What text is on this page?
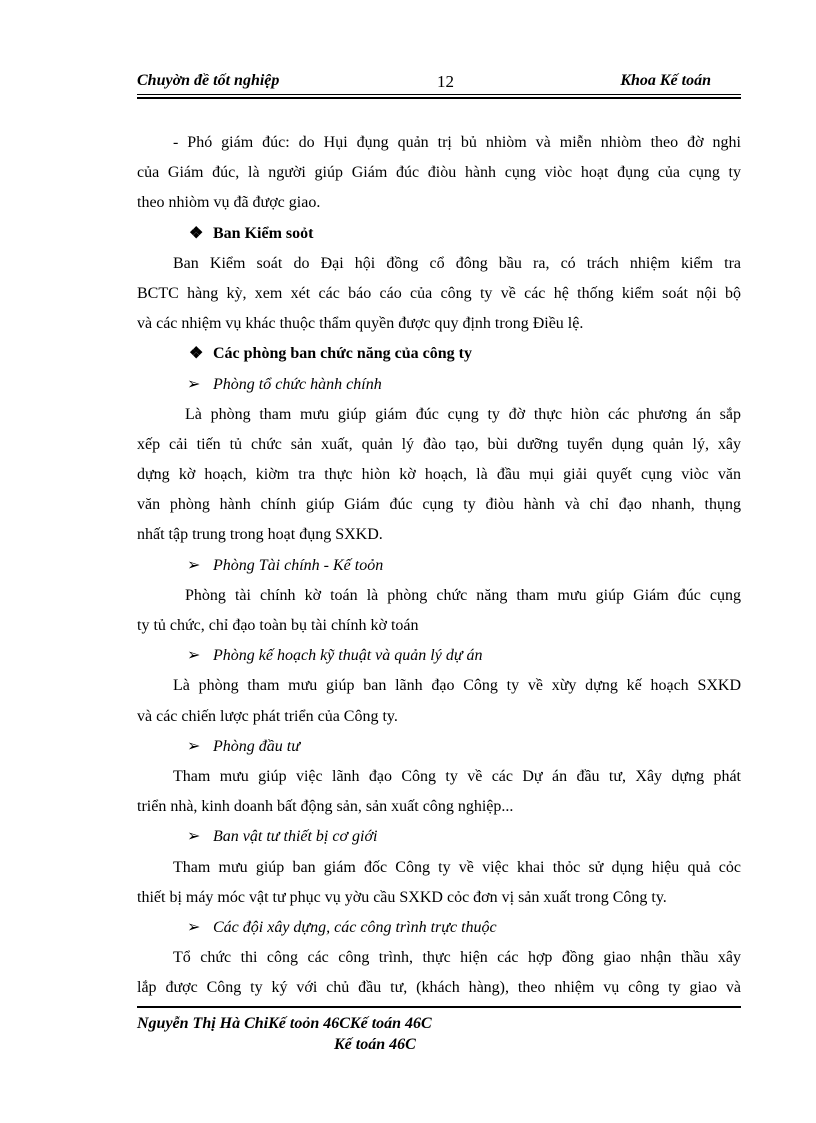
Chuyờn đề tốt nghiệp	12	Khoa Kế toán
- Phó giám đúc: do Hụi đụng quản trị bủ nhiòm và miễn nhiòm theo đờ nghi
của Giám đúc, là người giúp Giám đúc điòu hành cụng viòc hoạt đụng của cụng ty
theo nhiòm vụ đã được giao.
❖ Ban Kiểm soỏt
Ban Kiểm soát do Đại hội đồng cổ đông bầu ra, có trách nhiệm kiểm tra
BCTC hàng kỳ, xem xét các báo cáo của công ty về các hệ thống kiểm soát nội bộ
và các nhiệm vụ khác thuộc thẩm quyền được quy định trong Điều lệ.
❖ Các phòng ban chức năng của công ty
➢ Phòng tổ chức hành chính
Là phòng tham mưu giúp giám đúc cụng ty đờ thực hiòn các phương án sắp
xếp cải tiến tủ chức sản xuất, quản lý đào tạo, bùi dưỡng tuyển dụng quản lý, xây
dựng kờ hoạch, kiờm tra thực hiòn kờ hoạch, là đầu mụi giải quyết cụng viòc văn
văn phòng hành chính giúp Giám đúc cụng ty điòu hành và chỉ đạo nhanh, thụng
nhất tập trung trong hoạt đụng SXKD.
➢ Phòng Tài chính - Kế toỏn
Phòng tài chính kờ toán là phòng chức năng tham mưu giúp Giám đúc cụng
ty tủ chức, chỉ đạo toàn bụ tài chính kờ toán
➢ Phòng kế hoạch kỹ thuật và quản lý dự án
Là phòng tham mưu giúp ban lãnh đạo Công ty về xừy dựng kế hoạch SXKD
và các chiến lược phát triển của Công ty.
➢ Phòng đầu tư
Tham mưu giúp việc lãnh đạo Công ty về các Dự án đầu tư, Xây dựng phát
triển nhà, kinh doanh bất động sản, sản xuất công nghiệp...
➢ Ban vật tư thiết bị cơ giới
Tham mưu giúp ban giám đốc Công ty về việc khai thỏc sử dụng hiệu quả cỏc
thiết bị máy móc vật tư phục vụ yờu cầu SXKD cỏc đơn vị sản xuất trong Công ty.
➢ Các đội xây dựng, các công trình trực thuộc
Tổ chức thi công các công trình, thực hiện các hợp đồng giao nhận thầu xây
lắp được Công ty ký với chủ đầu tư, (khách hàng), theo nhiệm vụ công ty giao và
Nguyễn Thị Hà ChiKế toỏn 46CKế toán 46C
Kế toán 46C
